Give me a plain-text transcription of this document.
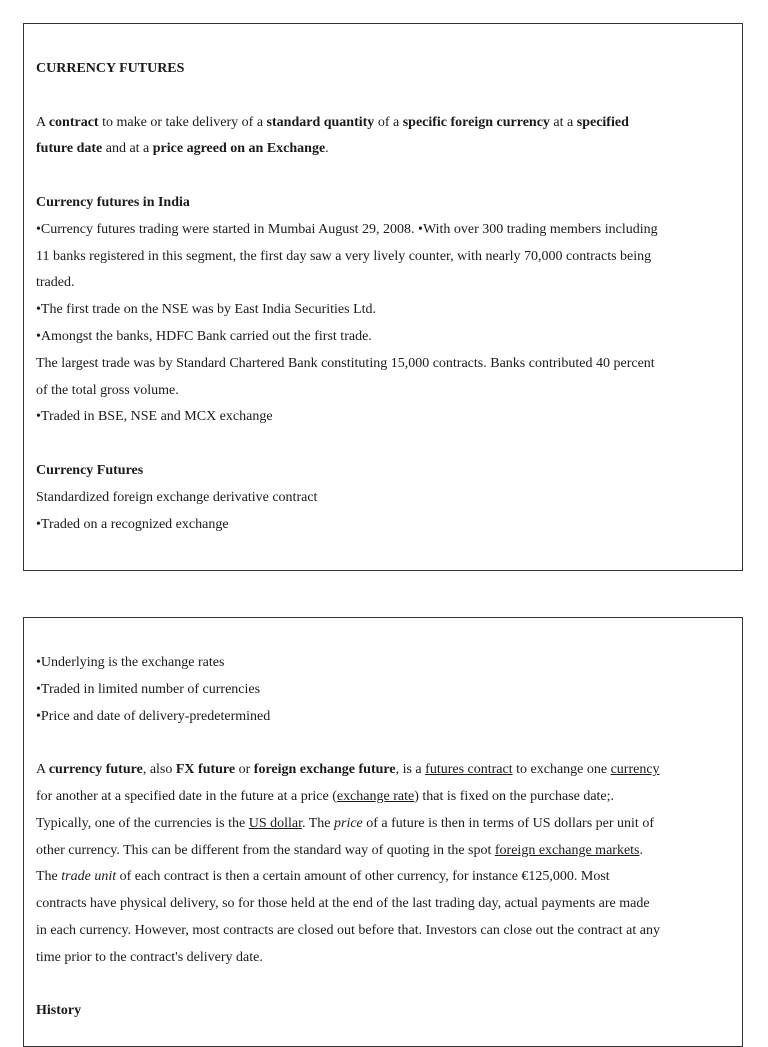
CURRENCY FUTURES

A contract to make or take delivery of a standard quantity of a specific foreign currency at a specified

future date and at a price agreed on an Exchange.

Currency futures in India

•Currency futures trading were started in Mumbai August 29, 2008. •With over 300 trading members including

11 banks registered in this segment, the first day saw a very lively counter, with nearly 70,000 contracts being

traded.

•The first trade on the NSE was by East India Securities Ltd.

•Amongst the banks, HDFC Bank carried out the first trade.

The largest trade was by Standard Chartered Bank constituting 15,000 contracts. Banks contributed 40 percent

of the total gross volume.

•Traded in BSE, NSE and MCX exchange

Currency Futures

Standardized foreign exchange derivative contract

•Traded on a recognized exchange

•Underlying is the exchange rates

•Traded in limited number of currencies

•Price and date of delivery-predetermined

A currency future, also FX future or foreign exchange future, is a futures contract to exchange one currency

for another at a specified date in the future at a price (exchange rate) that is fixed on the purchase date;.

Typically, one of the currencies is the US dollar. The price of a future is then in terms of US dollars per unit of

other currency. This can be different from the standard way of quoting in the spot foreign exchange markets.

The trade unit of each contract is then a certain amount of other currency, for instance €125,000. Most

contracts have physical delivery, so for those held at the end of the last trading day, actual payments are made

in each currency. However, most contracts are closed out before that. Investors can close out the contract at any

time prior to the contract's delivery date.

History
